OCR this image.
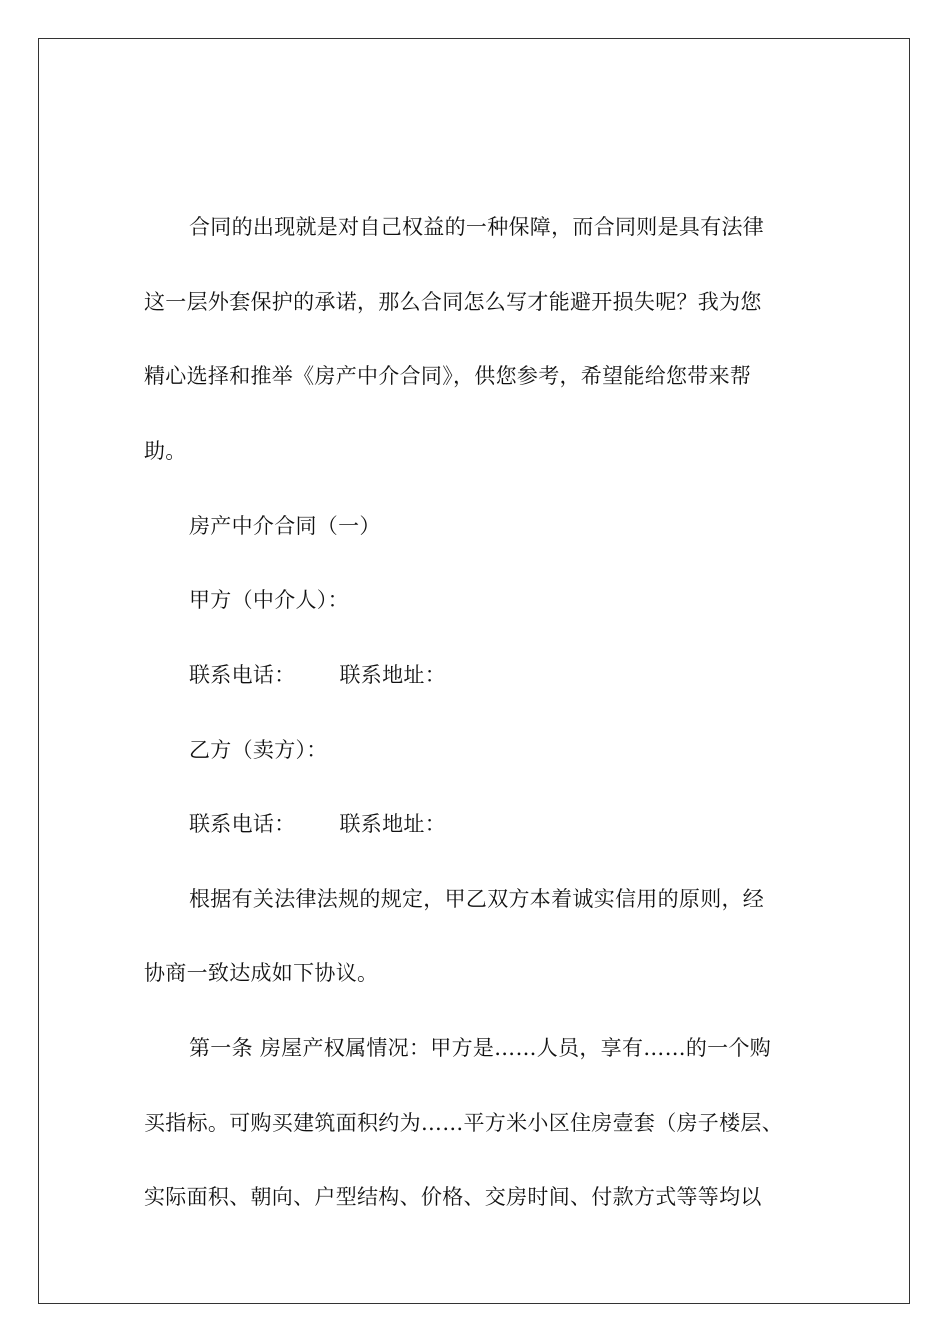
合同的出现就是对自己权益的一种保障，而合同则是具有法律
这一层外套保护的承诺，那么合同怎么写才能避开损失呢？我为您
精心选择和推举《房产中介合同》，供您参考，希望能给您带来帮
助。
房产中介合同（一）
甲方（中介人）：
联系电话： 联系地址：
乙方（卖方）：
联系电话： 联系地址：
根据有关法律法规的规定，甲乙双方本着诚实信用的原则，经
协商一致达成如下协议。
第一条 房屋产权属情况：甲方是……人员，享有……的一个购
买指标。可购买建筑面积约为……平方米小区住房壹套（房子楼层、
实际面积、朝向、户型结构、价格、交房时间、付款方式等等均以
